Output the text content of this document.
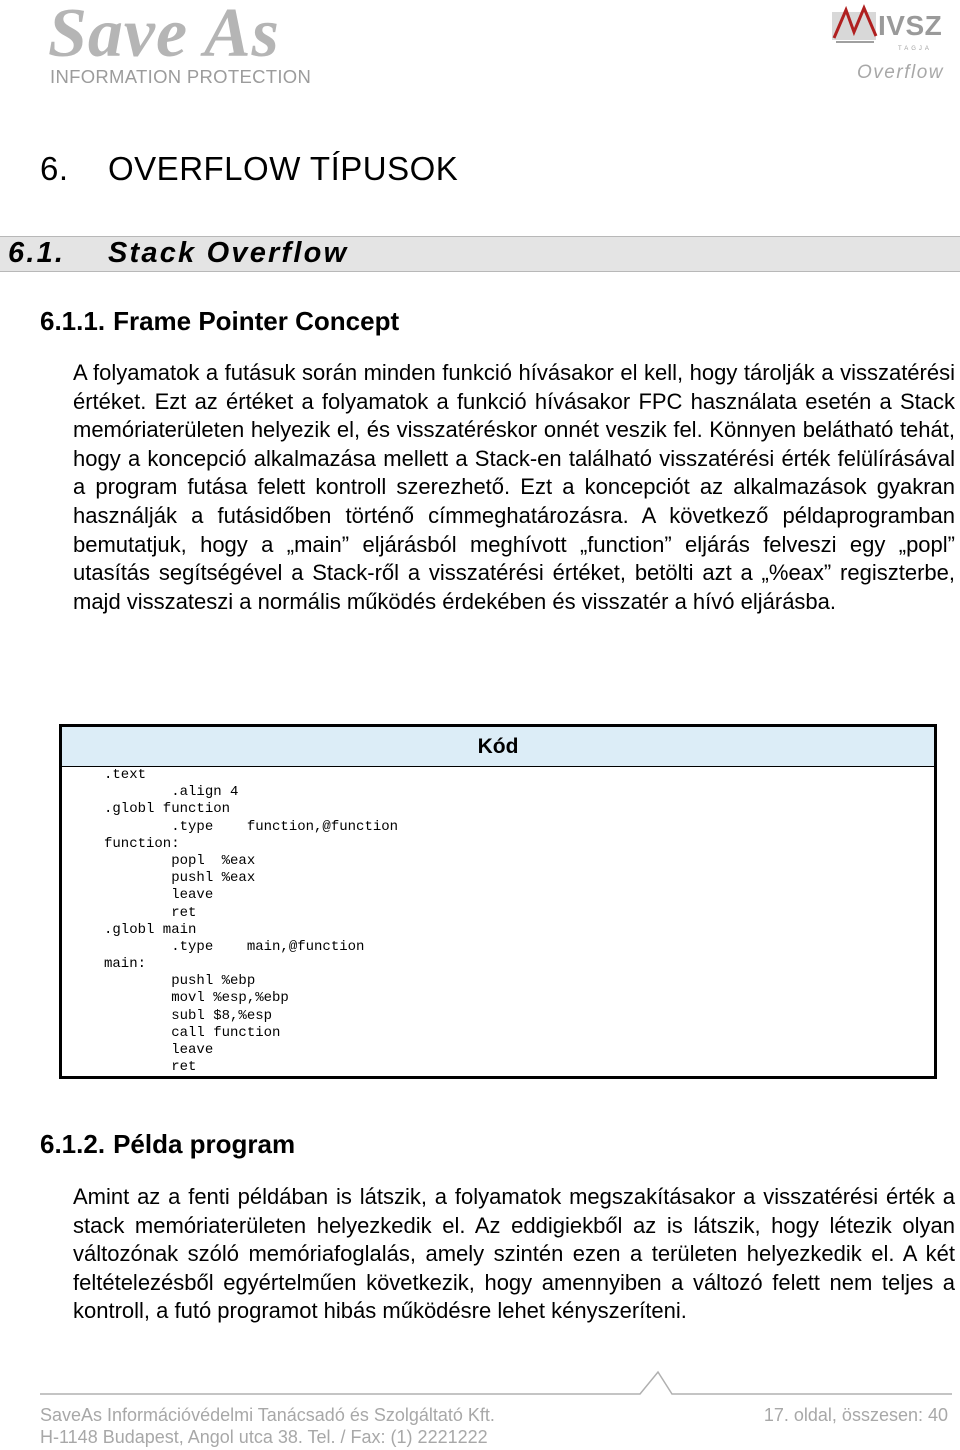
Save As
INFORMATION PROTECTION
IVSZ
TAGJA
Overflow
6. OVERFLOW TÍPUSOK
6.1. Stack Overflow
6.1.1. Frame Pointer Concept

A folyamatok a futásuk során minden funkció hívásakor el kell, hogy tárolják a visszatérési értéket. Ezt az értéket a folyamatok a funkció hívásakor FPC használata esetén a Stack memóriaterületen helyezik el, és visszatéréskor onnét veszik fel. Könnyen belátható tehát, hogy a koncepció alkalmazása mellett a Stack-en található visszatérési érték felülírásával a program futása felett kontroll szerezhető. Ezt a koncepciót az alkalmazások gyakran használják a futásidőben történő címmeghatározásra. A következő példaprogramban bemutatjuk, hogy a „main” eljárásból meghívott „function” eljárás felveszi egy „popl” utasítás segítségével a Stack-ről a visszatérési értéket, betölti azt a „%eax” regiszterbe, majd visszateszi a normális működés érdekében és visszatér a hívó eljárásba.

Kód
.text
.align 4
.globl function
.type    function,@function
function:
popl  %eax
pushl %eax
leave
ret
.globl main
.type    main,@function
main:
pushl %ebp
movl %esp,%ebp
subl $8,%esp
call function
leave
ret
6.1.2. Példa program

Amint az a fenti példában is látszik, a folyamatok megszakításakor a visszatérési érték a stack memóriaterületen helyezkedik el. Az eddigiekből az is látszik, hogy létezik olyan változónak szóló memóriafoglalás, amely szintén ezen a területen helyezkedik el. A két feltételezésből egyértelműen következik, hogy amennyiben a változó felett nem teljes a kontroll, a futó programot hibás működésre lehet kényszeríteni.

SaveAs Információvédelmi Tanácsadó és Szolgáltató Kft.
H-1148 Budapest, Angol utca 38. Tel. / Fax: (1) 2221222
17. oldal, összesen: 40
